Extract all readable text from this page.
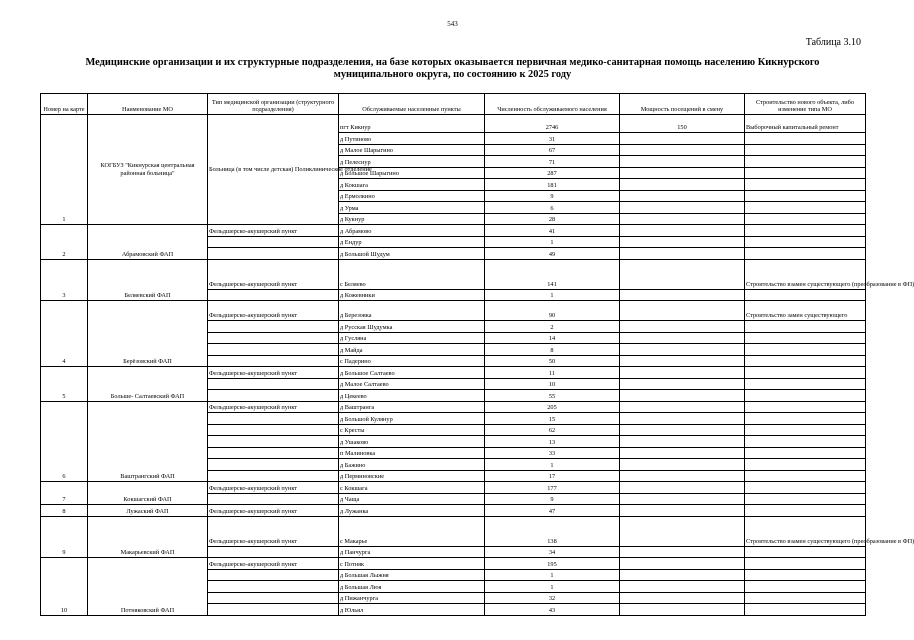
543
Таблица 3.10
Медицинские организации и их структурные подразделения, на базе которых оказывается первичная медико-санитарная помощь населению Кикнурского
муниципального округа, по состоянию к 2025 году
Номер на карте	Наименование МО	Тип медицинской организации (структурного подразделения)	Обслуживаемые населенные пункты	Численность обслуживаемого населения	Мощность посещений в смену	Строительство нового объекта, либо изменение типа МО
1	КОГБУЗ "Кикнурская центральная районная больница"	Больница (в том числе детская) Поликлиническое отделение	пгт Кикнур	2746	150	Выборочный капитальный ремонт
			д Путиново	31		
			д Малое Шарыгино	67		
			д Пелеснур	71		
			д Большое Шарыгино	287		
			д Кокшага	181		
			д Ермолкино	9		
			д Урма	6		
			д Кукнур	28		
2	Абрамовский ФАП	Фельдшерско-акушерский пункт	д Абрамово	41		
			д Ендур	1		
			д Большой Шудум	49		
3	Беляевский ФАП	Фельдшерско-акушерский пункт	с Беляево	141		Строительство взамен существующего (преобразование в ФП)
			д Кожевники	1		
4	Берёзовский ФАП	Фельдшерско-акушерский пункт	д Березовка	90		Строительство замен существующего
			д Русская Шудумка	2		
			д Гусляна	14		
			д Майда	8		
			с Падерино	50		
5	Больше- Салтаевский ФАП	Фельдшерско-акушерский пункт	д Большое Салтаево	11		
			д Малое Салтаево	10		
			д Цекеево	55		
6	Ваштрангский ФАП	Фельдшерско-акушерский пункт	д Ваштранга	205		
			д Большой Кулянур	15		
			с Кресты	62		
			д Ушаково	13		
			п Малиновка	33		
			д Бажино	1		
			д Перминовские	17		
7	Кокшагский ФАП	Фельдшерско-акушерский пункт	с Кокшага	177		
			д Чаща	9		
8	Лужаский ФАП	Фельдшерско-акушерский пункт	д Лужанка	47		
9	Макарьевский ФАП	Фельдшерско-акушерский пункт	с Макарье	138		Строительство взамен существующего (преобразование в ФП)
			д Панчурга	34		
10	Потняковский ФАП	Фельдшерско-акушерский пункт	с Потняк	195		
			д Большая Лыжня	1		
			д Большая Люя	1		
			д Пижанчурга	32		
			д Юльял	43		
